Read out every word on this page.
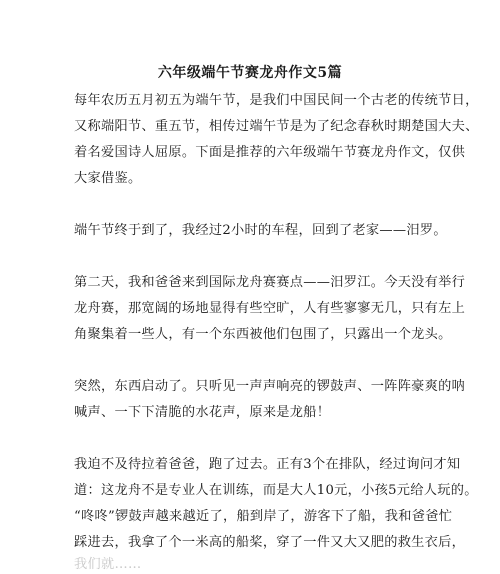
六年级端午节赛龙舟作文5篇
每年农历五月初五为端午节，是我们中国民间一个古老的传统节日，
又称端阳节、重五节，相传过端午节是为了纪念春秋时期楚国大夫、
着名爱国诗人屈原。下面是推荐的六年级端午节赛龙舟作文，仅供
大家借鉴。
端午节终于到了，我经过2小时的车程，回到了老家——汨罗。
第二天，我和爸爸来到国际龙舟赛赛点——汨罗江。今天没有举行
龙舟赛，那宽阔的场地显得有些空旷，人有些寥寥无几，只有左上
角聚集着一些人，有一个东西被他们包围了，只露出一个龙头。
突然，东西启动了。只听见一声声响亮的锣鼓声、一阵阵豪爽的呐
喊声、一下下清脆的水花声，原来是龙船！
我迫不及待拉着爸爸，跑了过去。正有3个在排队，经过询问才知
道：这龙舟不是专业人在训练，而是大人10元，小孩5元给人玩的。
“咚咚”锣鼓声越来越近了，船到岸了，游客下了船，我和爸爸忙
踩进去，我拿了个一米高的船桨，穿了一件又大又肥的救生衣后，
我们就……
